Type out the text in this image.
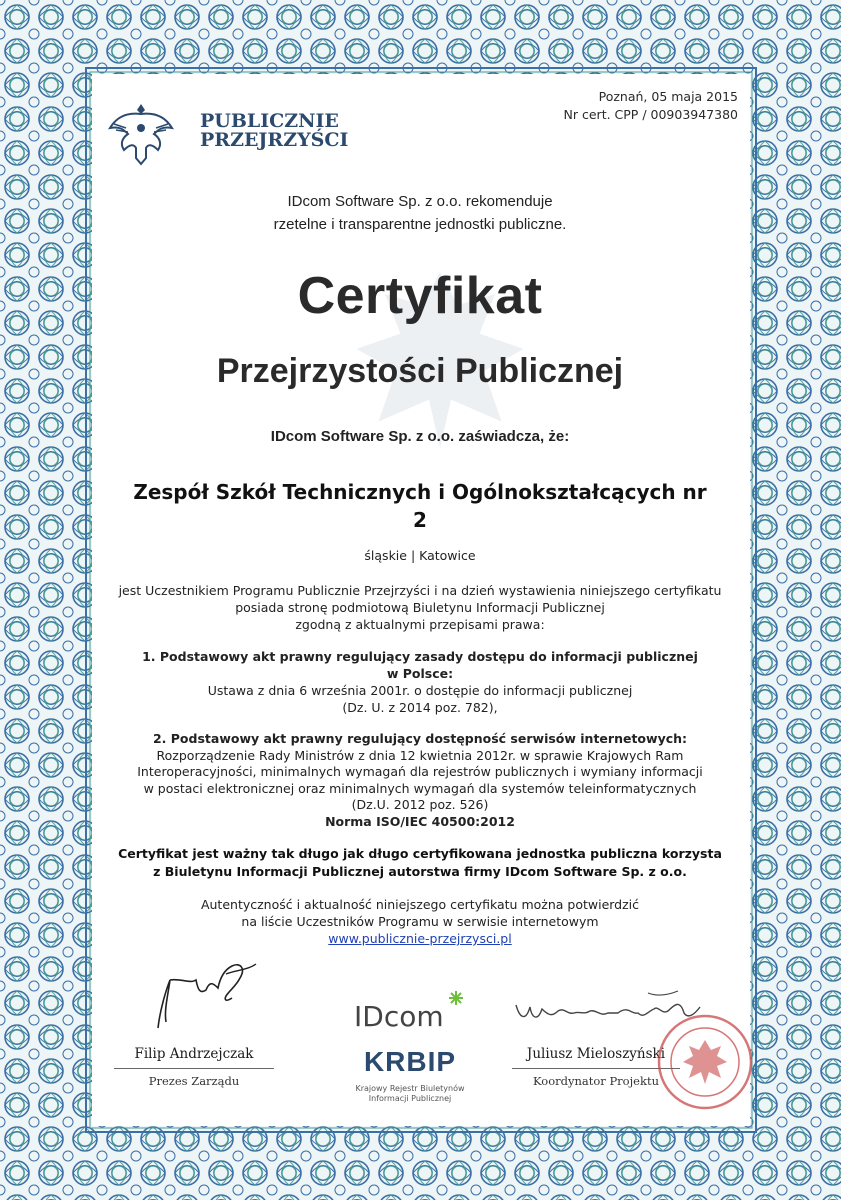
PUBLICZNIE
PRZEJRZYŚCI
Poznań, 05 maja 2015
Nr cert. CPP / 00903947380
IDcom Software Sp. z o.o. rekomenduje
rzetelne i transparentne jednostki publiczne.
Certyfikat
Przejrzystości Publicznej
IDcom Software Sp. z o.o. zaświadcza, że:
Zespół Szkół Technicznych i Ogólnokształcących nr
2
śląskie | Katowice
jest Uczestnikiem Programu Publicznie Przejrzyści i na dzień wystawienia niniejszego certyfikatu
posiada stronę podmiotową Biuletynu Informacji Publicznej
zgodną z aktualnymi przepisami prawa:
1. Podstawowy akt prawny regulujący zasady dostępu do informacji publicznej
w Polsce:
Ustawa z dnia 6 września 2001r. o dostępie do informacji publicznej
(Dz. U. z 2014 poz. 782),
2. Podstawowy akt prawny regulujący dostępność serwisów internetowych:
Rozporządzenie Rady Ministrów z dnia 12 kwietnia 2012r. w sprawie Krajowych Ram
Interoperacyjności, minimalnych wymagań dla rejestrów publicznych i wymiany informacji
w postaci elektronicznej oraz minimalnych wymagań dla systemów teleinformatycznych
(Dz.U. 2012 poz. 526)
Norma ISO/IEC 40500:2012
Certyfikat jest ważny tak długo jak długo certyfikowana jednostka publiczna korzysta
z Biuletynu Informacji Publicznej autorstwa firmy IDcom Software Sp. z o.o.
Autentyczność i aktualność niniejszego certyfikatu można potwierdzić
na liście Uczestników Programu w serwisie internetowym
www.publicznie-przejrzysci.pl
Filip Andrzejczak
Prezes Zarządu
IDcom
KRBIP
Krajowy Rejestr Biuletynów
Informacji Publicznej
Juliusz Mieloszyński
Koordynator Projektu
